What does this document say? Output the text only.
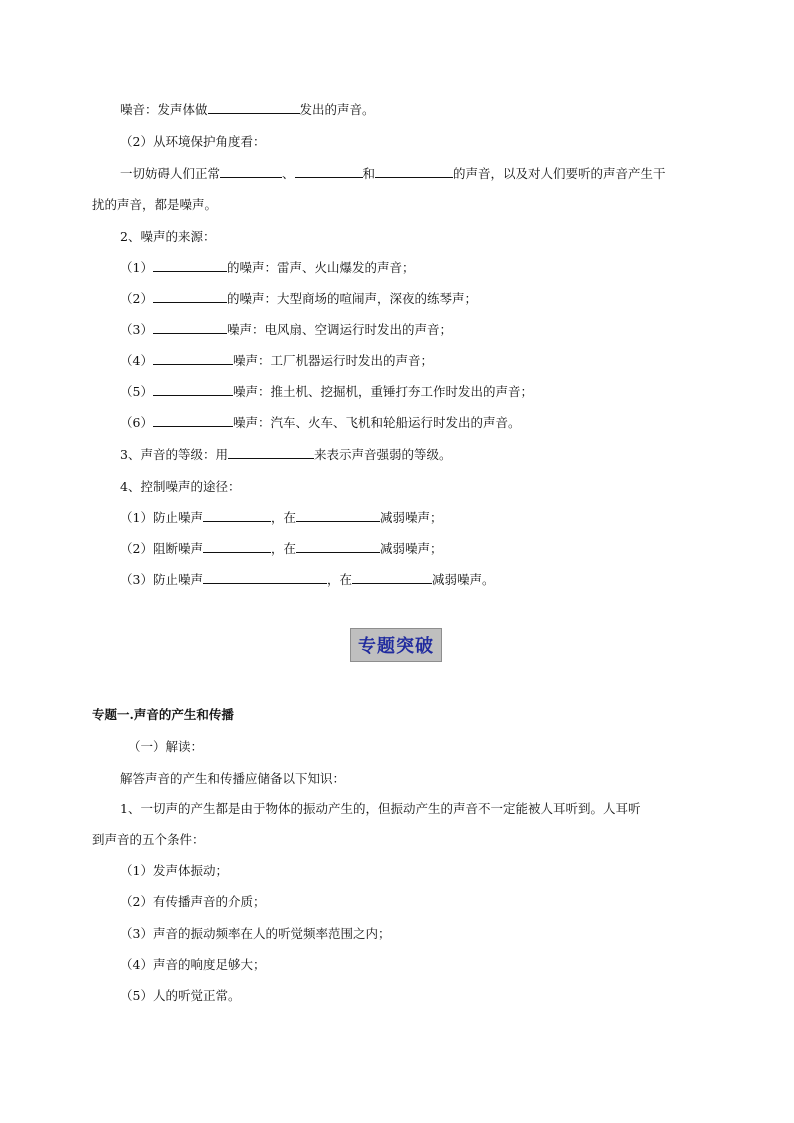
噪音：发声体做	发出的声音。
（2）从环境保护角度看：
一切妨碍人们正常	、	和	的声音，以及对人们要听的声音产生干
扰的声音，都是噪声。
2、噪声的来源：
（1）	的噪声：雷声、火山爆发的声音；
（2）	的噪声：大型商场的喧闹声，深夜的练琴声；
（3）	噪声：电风扇、空调运行时发出的声音；
（4）	噪声：工厂机器运行时发出的声音；
（5）	噪声：推土机、挖掘机，重锤打夯工作时发出的声音；
（6）	噪声：汽车、火车、飞机和轮船运行时发出的声音。
3、声音的等级：用	来表示声音强弱的等级。
4、控制噪声的途径：
（1）防止噪声	，在	减弱噪声；
（2）阻断噪声	，在	减弱噪声；
（3）防止噪声	，在	减弱噪声。
专题突破
专题一.声音的产生和传播
（一）解读：
解答声音的产生和传播应储备以下知识：
1、一切声的产生都是由于物体的振动产生的，但振动产生的声音不一定能被人耳听到。人耳听
到声音的五个条件：
（1）发声体振动；
（2）有传播声音的介质；
（3）声音的振动频率在人的听觉频率范围之内；
（4）声音的响度足够大；
（5）人的听觉正常。
